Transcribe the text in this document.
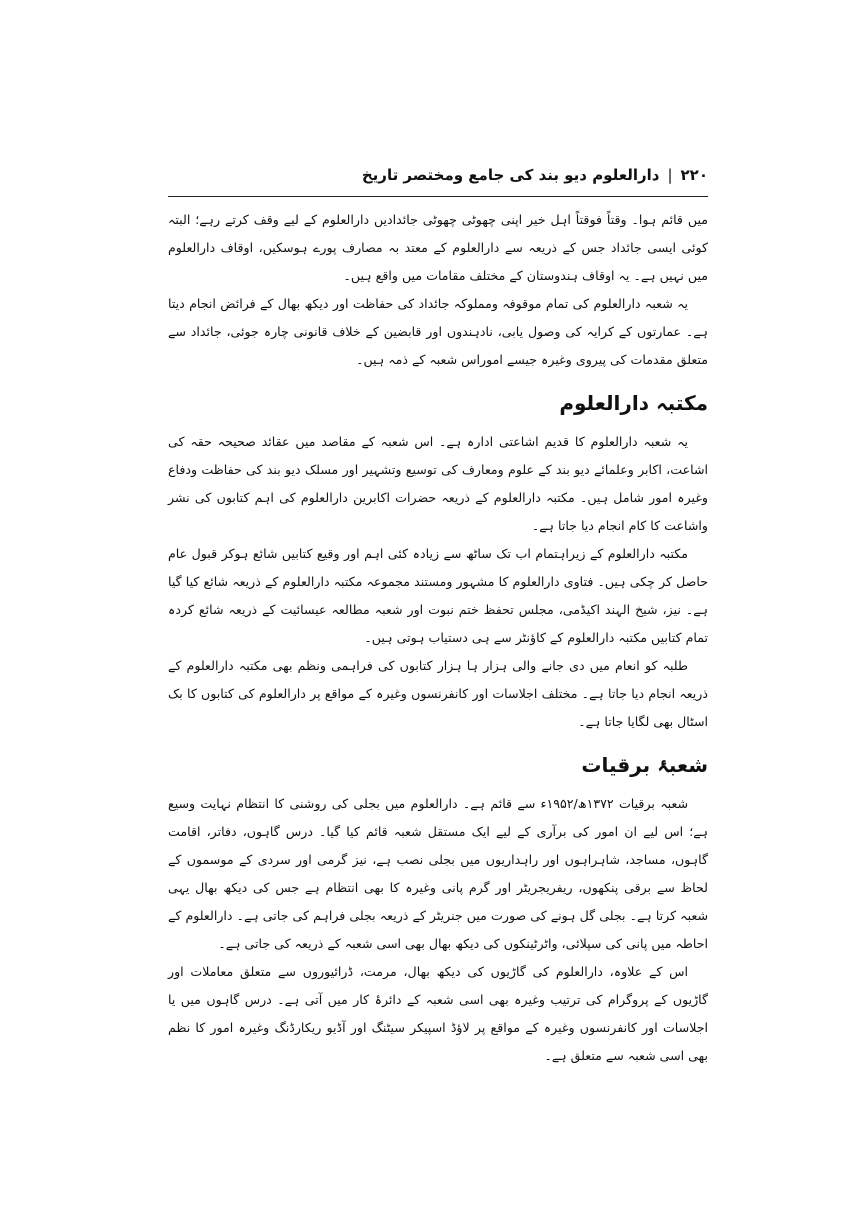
۲۲۰
|
دارالعلوم دیو بند کی جامع ومختصر تاریخ

میں قائم ہوا۔ وقتاً فوقتاً اہل خیر اپنی چھوٹی چھوٹی جائدادیں دارالعلوم کے لیے وقف کرتے رہے؛ البتہ کوئی ایسی جائداد جس کے ذریعہ سے دارالعلوم کے معتد بہ مصارف پورے ہوسکیں، اوقاف دارالعلوم میں نہیں ہے۔ یہ اوقاف ہندوستان کے مختلف مقامات میں واقع ہیں۔

یہ شعبہ دارالعلوم کی تمام موقوفہ ومملوکہ جائداد کی حفاظت اور دیکھ بھال کے فرائض انجام دیتا ہے۔ عمارتوں کے کرایہ کی وصول یابی، نادہندوں اور قابضین کے خلاف قانونی چارہ جوئی، جائداد سے متعلق مقدمات کی پیروی وغیرہ جیسے اموراس شعبہ کے ذمہ ہیں۔

مکتبہ دارالعلوم

یہ شعبہ دارالعلوم کا قدیم اشاعتی ادارہ ہے۔ اس شعبہ کے مقاصد میں عقائد صحیحہ حقہ کی اشاعت، اکابر وعلمائے دیو بند کے علوم ومعارف کی توسیع وتشہیر اور مسلک دیو بند کی حفاظت ودفاع وغیرہ امور شامل ہیں۔ مکتبہ دارالعلوم کے ذریعہ حضرات اکابرین دارالعلوم کی اہم کتابوں کی نشر واشاعت کا کام انجام دیا جاتا ہے۔

مکتبہ دارالعلوم کے زیراہتمام اب تک ساٹھ سے زیادہ کئی اہم اور وقیع کتابیں شائع ہوکر قبول عام حاصل کر چکی ہیں۔ فتاوی دارالعلوم کا مشہور ومستند مجموعہ مکتبہ دارالعلوم کے ذریعہ شائع کیا گیا ہے۔ نیز، شیخ الہند اکیڈمی، مجلس تحفظ ختم نبوت اور شعبہ مطالعہ عیسائیت کے ذریعہ شائع کردہ تمام کتابیں مکتبہ دارالعلوم کے کاؤنٹر سے ہی دستیاب ہوتی ہیں۔

طلبہ کو انعام میں دی جانے والی ہزار ہا ہزار کتابوں کی فراہمی ونظم بھی مکتبہ دارالعلوم کے ذریعہ انجام دیا جاتا ہے۔ مختلف اجلاسات اور کانفرنسوں وغیرہ کے مواقع پر دارالعلوم کی کتابوں کا بک اسٹال بھی لگایا جاتا ہے۔

شعبۂ برقیات

شعبہ برقیات ۱۳۷۲ھ/۱۹۵۲ء سے قائم ہے۔ دارالعلوم میں بجلی کی روشنی کا انتظام نہایت وسیع ہے؛ اس لیے ان امور کی برآری کے لیے ایک مستقل شعبہ قائم کیا گیا۔ درس گاہوں، دفاتر، اقامت گاہوں، مساجد، شاہراہوں اور راہداریوں میں بجلی نصب ہے، نیز گرمی اور سردی کے موسموں کے لحاظ سے برقی پنکھوں، ریفریجریٹر اور گرم پانی وغیرہ کا بھی انتظام ہے جس کی دیکھ بھال یہی شعبہ کرتا ہے۔ بجلی گل ہونے کی صورت میں جنریٹر کے ذریعہ بجلی فراہم کی جاتی ہے۔ دارالعلوم کے احاطہ میں پانی کی سپلائی، واٹرٹینکوں کی دیکھ بھال بھی اسی شعبہ کے ذریعہ کی جاتی ہے۔

اس کے علاوہ، دارالعلوم کی گاڑیوں کی دیکھ بھال، مرمت، ڈرائیوروں سے متعلق معاملات اور گاڑیوں کے پروگرام کی ترتیب وغیرہ بھی اسی شعبہ کے دائرۂ کار میں آتی ہے۔ درس گاہوں میں یا اجلاسات اور کانفرنسوں وغیرہ کے مواقع پر لاؤڈ اسپیکر سیٹنگ اور آڈیو ریکارڈنگ وغیرہ امور کا نظم بھی اسی شعبہ سے متعلق ہے۔
